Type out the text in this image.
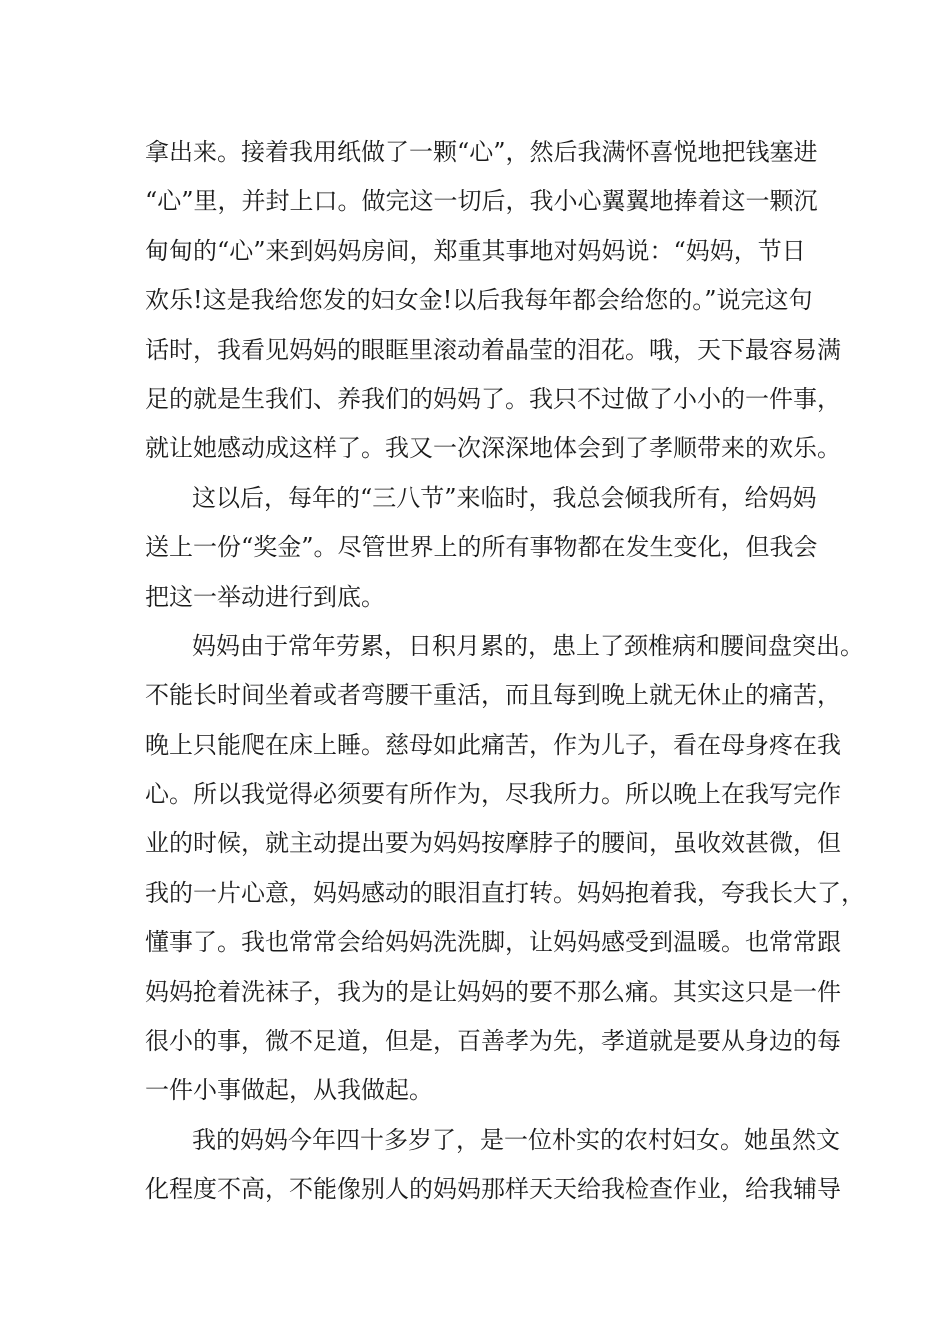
拿出来。接着我用纸做了一颗“心”，然后我满怀喜悦地把钱塞进
“心”里，并封上口。做完这一切后，我小心翼翼地捧着这一颗沉
甸甸的“心”来到妈妈房间，郑重其事地对妈妈说：“妈妈，节日
欢乐!这是我给您发的妇女金!以后我每年都会给您的。”说完这句
话时，我看见妈妈的眼眶里滚动着晶莹的泪花。哦，天下最容易满
足的就是生我们、养我们的妈妈了。我只不过做了小小的一件事，
就让她感动成这样了。我又一次深深地体会到了孝顺带来的欢乐。
这以后，每年的“三八节”来临时，我总会倾我所有，给妈妈
送上一份“奖金”。尽管世界上的所有事物都在发生变化，但我会
把这一举动进行到底。
妈妈由于常年劳累，日积月累的，患上了颈椎病和腰间盘突出。
不能长时间坐着或者弯腰干重活，而且每到晚上就无休止的痛苦，
晚上只能爬在床上睡。慈母如此痛苦，作为儿子，看在母身疼在我
心。所以我觉得必须要有所作为，尽我所力。所以晚上在我写完作
业的时候，就主动提出要为妈妈按摩脖子的腰间，虽收效甚微，但
我的一片心意，妈妈感动的眼泪直打转。妈妈抱着我，夸我长大了，
懂事了。我也常常会给妈妈洗洗脚，让妈妈感受到温暖。也常常跟
妈妈抢着洗袜子，我为的是让妈妈的要不那么痛。其实这只是一件
很小的事，微不足道，但是，百善孝为先，孝道就是要从身边的每
一件小事做起，从我做起。
我的妈妈今年四十多岁了，是一位朴实的农村妇女。她虽然文
化程度不高，不能像别人的妈妈那样天天给我检查作业，给我辅导
